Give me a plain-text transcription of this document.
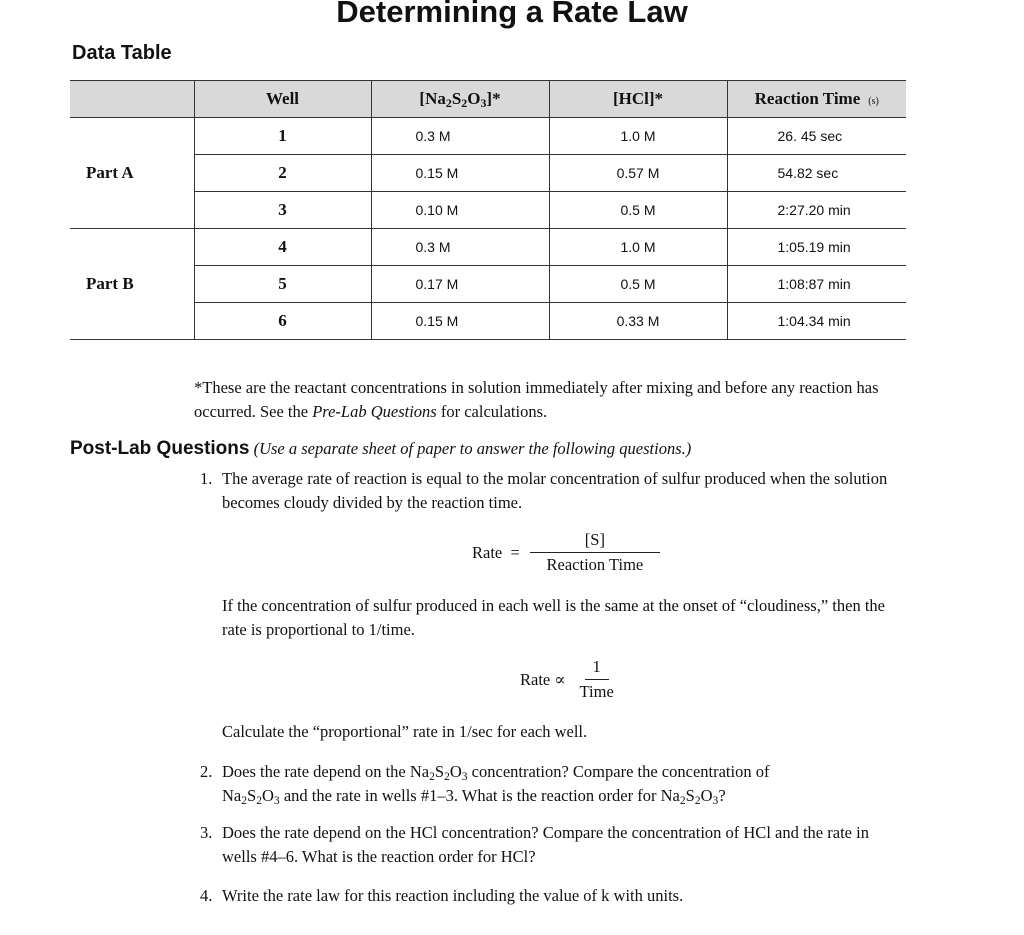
Determining a Rate Law
Data Table
	Well	$[Na_2S_2O_3]*$	[HCl]*	Reaction Time (s)
Part A	1	0.3 M	1.0 M	26. 45 sec
	2	0.15 M	0.57 M	54.82 sec
	3	0.10 M	0.5 M	2:27.20 min
Part B	4	0.3 M	1.0 M	1:05.19 min
	5	0.17 M	0.5 M	1:08:87 min
	6	0.15 M	0.33 M	1:04.34 min
*These are the reactant concentrations in solution immediately after mixing and before any reaction has occurred. See the Pre-Lab Questions for calculations.
Post-Lab Questions (Use a separate sheet of paper to answer the following questions.)
1. The average rate of reaction is equal to the molar concentration of sulfur produced when the solution becomes cloudy divided by the reaction time.
Rate  = $\frac{[S]}{\text{Reaction Time}}$
If the concentration of sulfur produced in each well is the same at the onset of “cloudiness,” then the rate is proportional to 1/time.
Rate ∝ $\frac{1}{\text{Time}}$
Calculate the “proportional” rate in 1/sec for each well.
2. Does the rate depend on the $Na_2S_2O_3$ concentration? Compare the concentration of
$Na_2S_2O_3$ and the rate in wells #1–3. What is the reaction order for $Na_2S_2O_3$?
3. Does the rate depend on the HCl concentration? Compare the concentration of HCl and the rate in wells #4–6. What is the reaction order for HCl?
4. Write the rate law for this reaction including the value of k with units.
